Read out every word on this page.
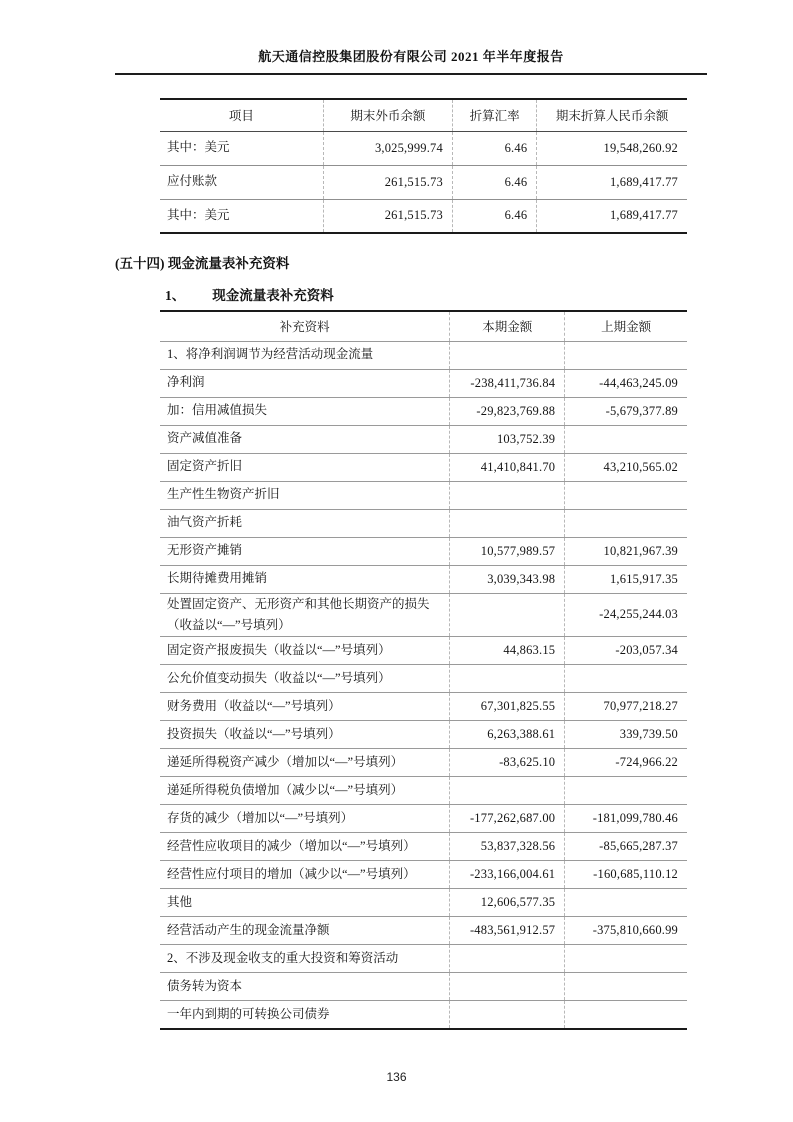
航天通信控股集团股份有限公司 2021 年半年度报告
项目	期末外币余额	折算汇率	期末折算人民币余额
其中：美元	3,025,999.74	6.46	19,548,260.92
应付账款	261,515.73	6.46	1,689,417.77
其中：美元	261,515.73	6.46	1,689,417.77
(五十四) 现金流量表补充资料
1、 现金流量表补充资料
补充资料	本期金额	上期金额
1、将净利润调节为经营活动现金流量		
净利润	-238,411,736.84	-44,463,245.09
加：信用减值损失	-29,823,769.88	-5,679,377.89
资产减值准备	103,752.39	
固定资产折旧	41,410,841.70	43,210,565.02
生产性生物资产折旧		
油气资产折耗		
无形资产摊销	10,577,989.57	10,821,967.39
长期待摊费用摊销	3,039,343.98	1,615,917.35
处置固定资产、无形资产和其他长期资产的损失（收益以“—”号填列）		-24,255,244.03
固定资产报废损失（收益以“—”号填列）	44,863.15	-203,057.34
公允价值变动损失（收益以“—”号填列）		
财务费用（收益以“—”号填列）	67,301,825.55	70,977,218.27
投资损失（收益以“—”号填列）	6,263,388.61	339,739.50
递延所得税资产减少（增加以“—”号填列）	-83,625.10	-724,966.22
递延所得税负债增加（减少以“—”号填列）		
存货的减少（增加以“—”号填列）	-177,262,687.00	-181,099,780.46
经营性应收项目的减少（增加以“—”号填列）	53,837,328.56	-85,665,287.37
经营性应付项目的增加（减少以“—”号填列）	-233,166,004.61	-160,685,110.12
其他	12,606,577.35	
经营活动产生的现金流量净额	-483,561,912.57	-375,810,660.99
2、不涉及现金收支的重大投资和筹资活动		
债务转为资本		
一年内到期的可转换公司债券		
136
